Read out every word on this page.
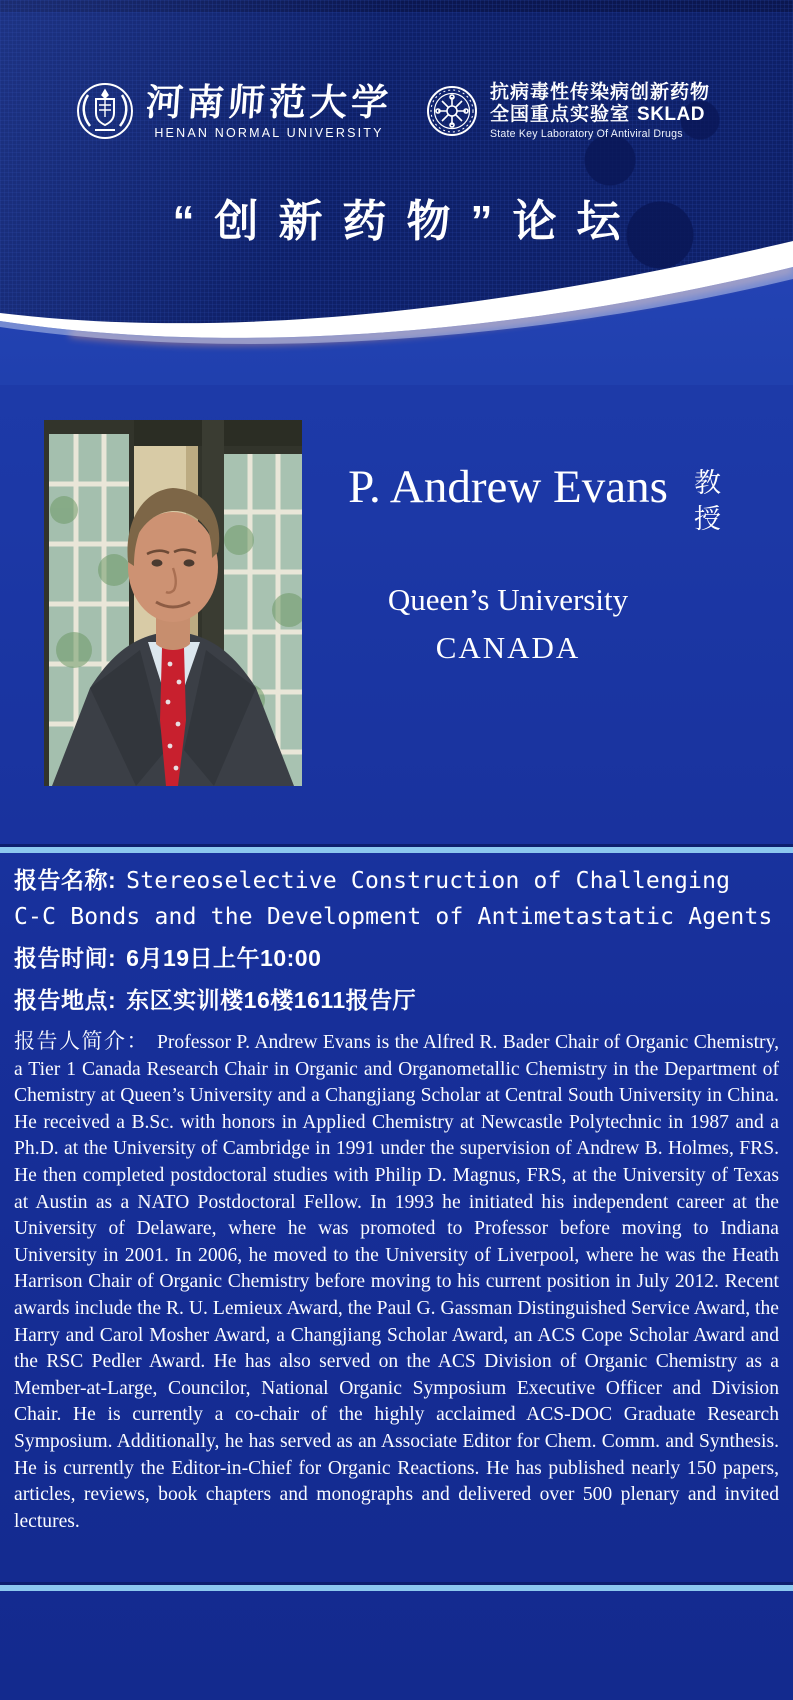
河南师范大学
HENAN NORMAL UNIVERSITY
抗病毒性传染病创新药物
全国重点实验室 SKLAD
State Key Laboratory Of Antiviral Drugs
“创新药物”论坛
P. Andrew Evans
Queen’s University
CANADA
教授
报告名称: Stereoselective Construction of Challenging
C-C Bonds and the Development of Antimetastatic Agents
报告时间: 6月19日上午10:00
报告地点: 东区实训楼16楼1611报告厅

报告人简介： Professor P. Andrew Evans is the Alfred R. Bader Chair of Organic Chemistry, a Tier 1 Canada Research Chair in Organic and Organometallic Chemistry in the Department of Chemistry at Queen’s University and a Changjiang Scholar at Central South University in China. He received a B.Sc. with honors in Applied Chemistry at Newcastle Polytechnic in 1987 and a Ph.D. at the University of Cambridge in 1991 under the supervision of Andrew B. Holmes, FRS. He then completed postdoctoral studies with Philip D. Magnus, FRS, at the University of Texas at Austin as a NATO Postdoctoral Fellow. In 1993 he initiated his independent career at the University of Delaware, where he was promoted to Professor before moving to Indiana University in 2001. In 2006, he moved to the University of Liverpool, where he was the Heath Harrison Chair of Organic Chemistry before moving to his current position in July 2012. Recent awards include the R. U. Lemieux Award, the Paul G. Gassman Distinguished Service Award, the Harry and Carol Mosher Award, a Changjiang Scholar Award, an ACS Cope Scholar Award and the RSC Pedler Award. He has also served on the ACS Division of Organic Chemistry as a Member-at-Large, Councilor, National Organic Symposium Executive Officer and Division Chair. He is currently a co-chair of the highly acclaimed ACS-DOC Graduate Research Symposium. Additionally, he has served as an Associate Editor for Chem. Comm. and Synthesis. He is currently the Editor-in-Chief for Organic Reactions. He has published nearly 150 papers, articles, reviews, book chapters and monographs and delivered over 500 plenary and invited lectures.
